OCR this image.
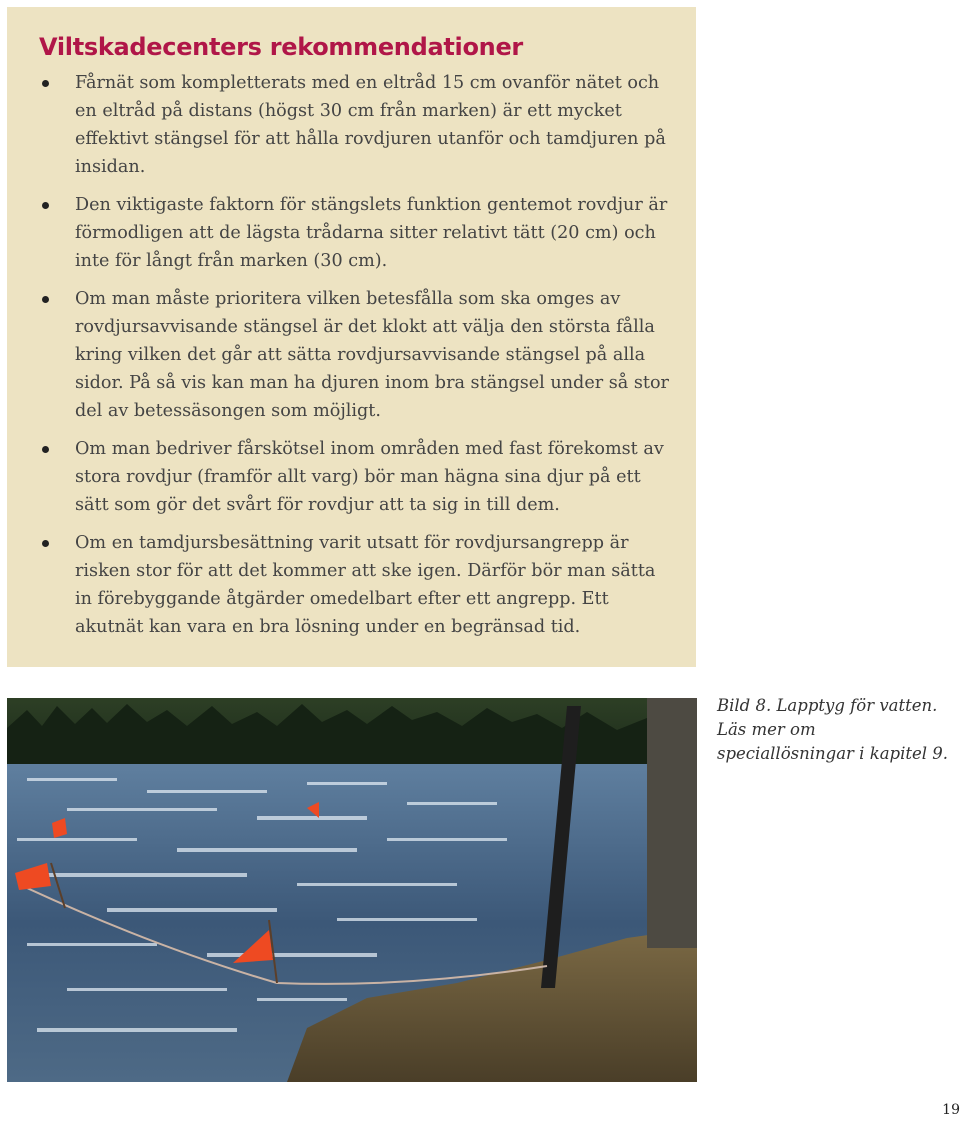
Viltskadecenters rekommendationer
Fårnät som kompletterats med en eltråd 15 cm ovanför nätet och en eltråd på distans (högst 30 cm från marken) är ett mycket effektivt stängsel för att hålla rovdjuren utanför och tamdjuren på insidan.
Den viktigaste faktorn för stängslets funktion gentemot rovdjur är förmodligen att de lägsta trådarna sitter relativt tätt (20 cm) och inte för långt från marken (30 cm).
Om man måste prioritera vilken betesfålla som ska omges av rovdjursavvisande stängsel är det klokt att välja den största fålla kring vilken det går att sätta rovdjursavvisande stängsel på alla sidor. På så vis kan man ha djuren inom bra stängsel under så stor del av betessäsongen som möjligt.
Om man bedriver fårskötsel inom områden med fast förekomst av stora rovdjur (framför allt varg) bör man hägna sina djur på ett sätt som gör det svårt för rovdjur att ta sig in till dem.
Om en tamdjursbesättning varit utsatt för rovdjursangrepp är risken stor för att det kommer att ske igen. Därför bör man sätta in förebyggande åtgärder omedelbart efter ett angrepp. Ett akutnät kan vara en bra lösning under en begränsad tid.
Bild 8. Lapptyg för vatten. Läs mer om speciallösningar i kapitel 9.
19
